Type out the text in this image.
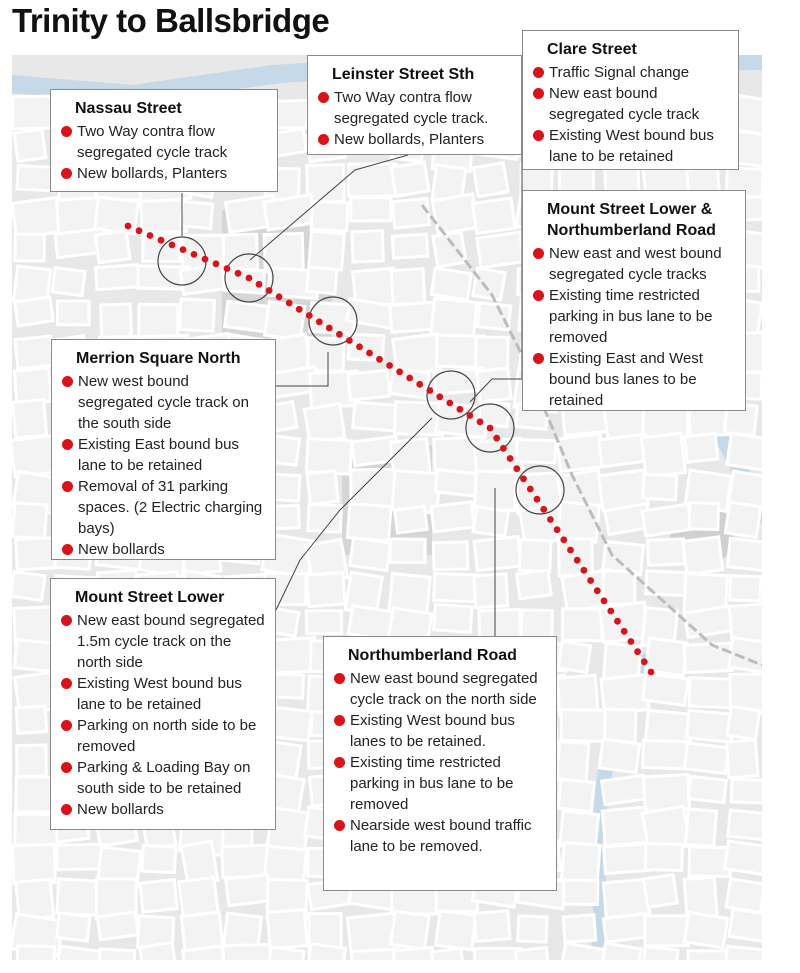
Trinity to Ballsbridge
Nassau Street
Two Way contra flow segregated cycle track
New bollards, Planters
Leinster Street Sth
Two Way contra flow segregated cycle track.
New bollards, Planters
Clare Street
Traffic Signal change
New east bound segregated cycle track
Existing West bound bus lane to be retained
Mount Street Lower & Northumberland Road
New east and west bound segregated cycle tracks
Existing time restricted parking in bus lane to be removed
Existing East and West bound bus lanes to be retained
Merrion Square North
New west bound segregated cycle track on the south side
Existing East bound bus lane to be retained
Removal of 31 parking spaces. (2 Electric charging bays)
New bollards
Mount Street Lower
New east bound segregated 1.5m cycle track on the north side
Existing West bound bus lane to be retained
Parking on north side to be removed
Parking & Loading Bay on south side to be retained
New bollards
Northumberland Road
New east bound segregated cycle track on the north side
Existing West bound bus lanes to be retained.
Existing time restricted parking in bus lane to be removed
Nearside west bound traffic lane to be removed.
